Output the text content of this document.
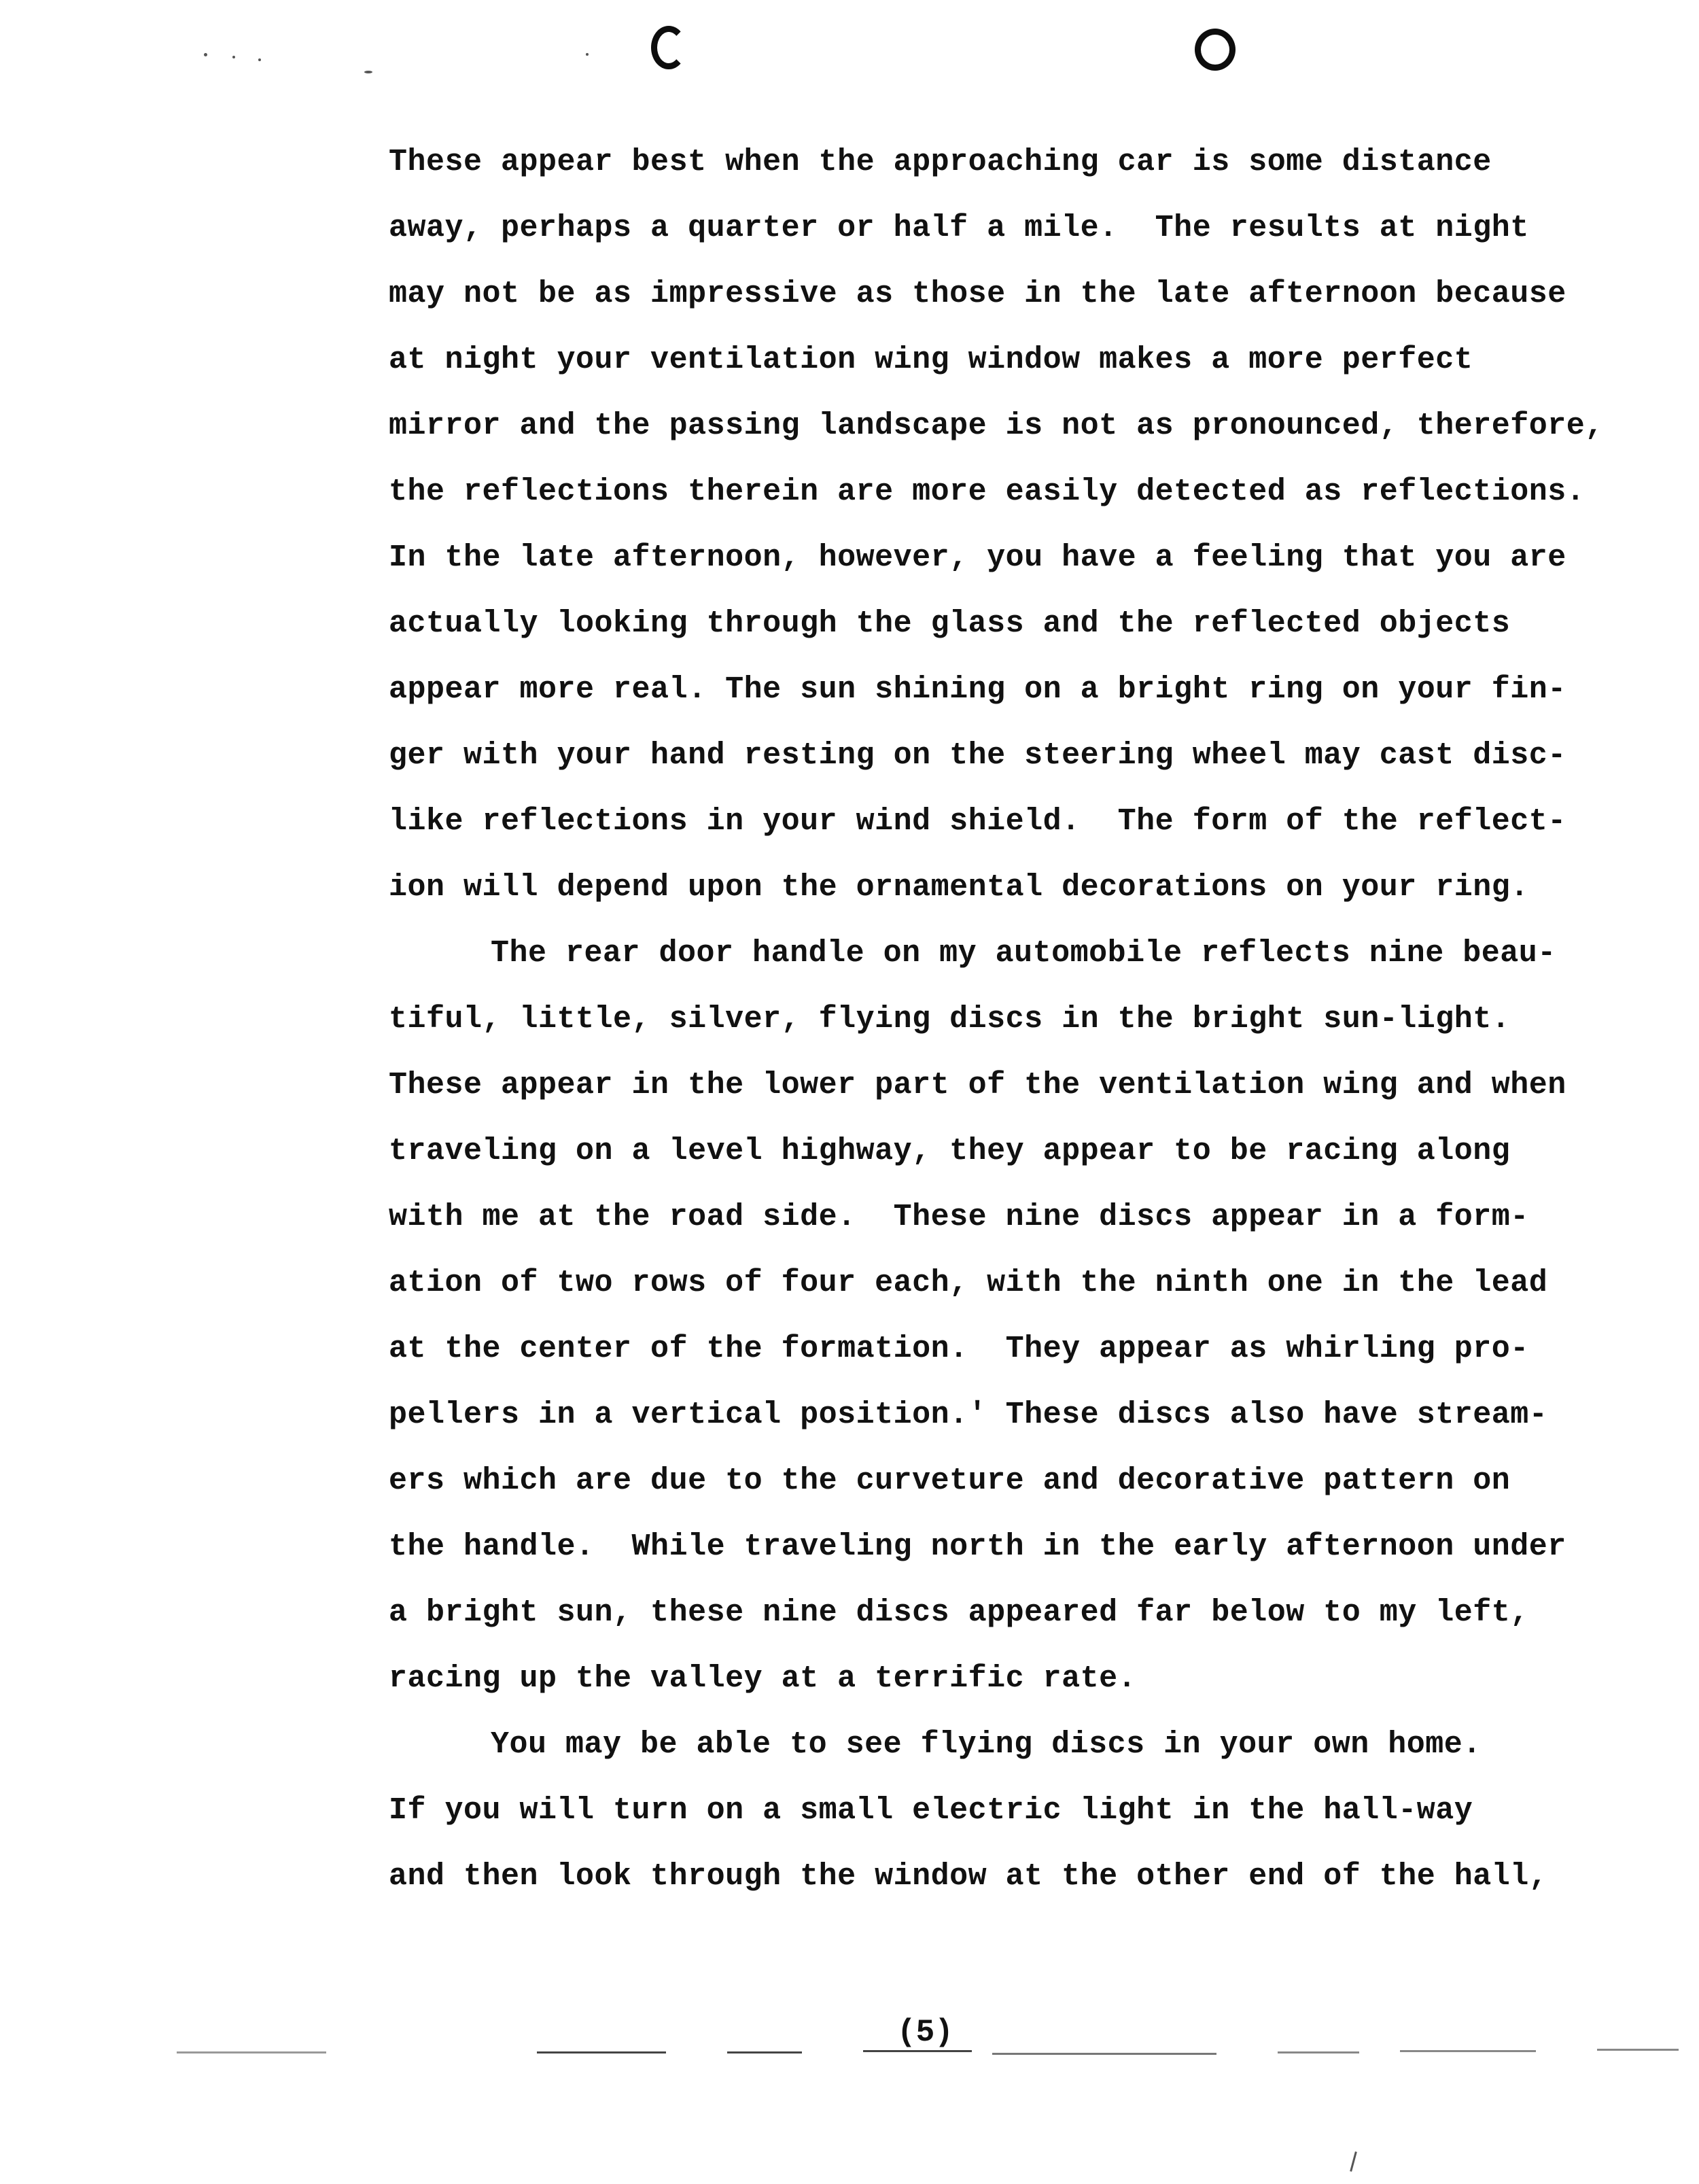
These appear best when the approaching car is some distance
away, perhaps a quarter or half a mile.  The results at night
may not be as impressive as those in the late afternoon because
at night your ventilation wing window makes a more perfect
mirror and the passing landscape is not as pronounced, therefore,
the reflections therein are more easily detected as reflections.
In the late afternoon, however, you have a feeling that you are
actually looking through the glass and the reflected objects
appear more real. The sun shining on a bright ring on your fin-
ger with your hand resting on the steering wheel may cast disc-
like reflections in your wind shield.  The form of the reflect-
ion will depend upon the ornamental decorations on your ring.
The rear door handle on my automobile reflects nine beau-
tiful, little, silver, flying discs in the bright sun-light.
These appear in the lower part of the ventilation wing and when
traveling on a level highway, they appear to be racing along
with me at the road side.  These nine discs appear in a form-
ation of two rows of four each, with the ninth one in the lead
at the center of the formation.  They appear as whirling pro-
pellers in a vertical position.' These discs also have stream-
ers which are due to the curveture and decorative pattern on
the handle.  While traveling north in the early afternoon under
a bright sun, these nine discs appeared far below to my left,
racing up the valley at a terrific rate.
You may be able to see flying discs in your own home.
If you will turn on a small electric light in the hall-way
and then look through the window at the other end of the hall,
(5)
